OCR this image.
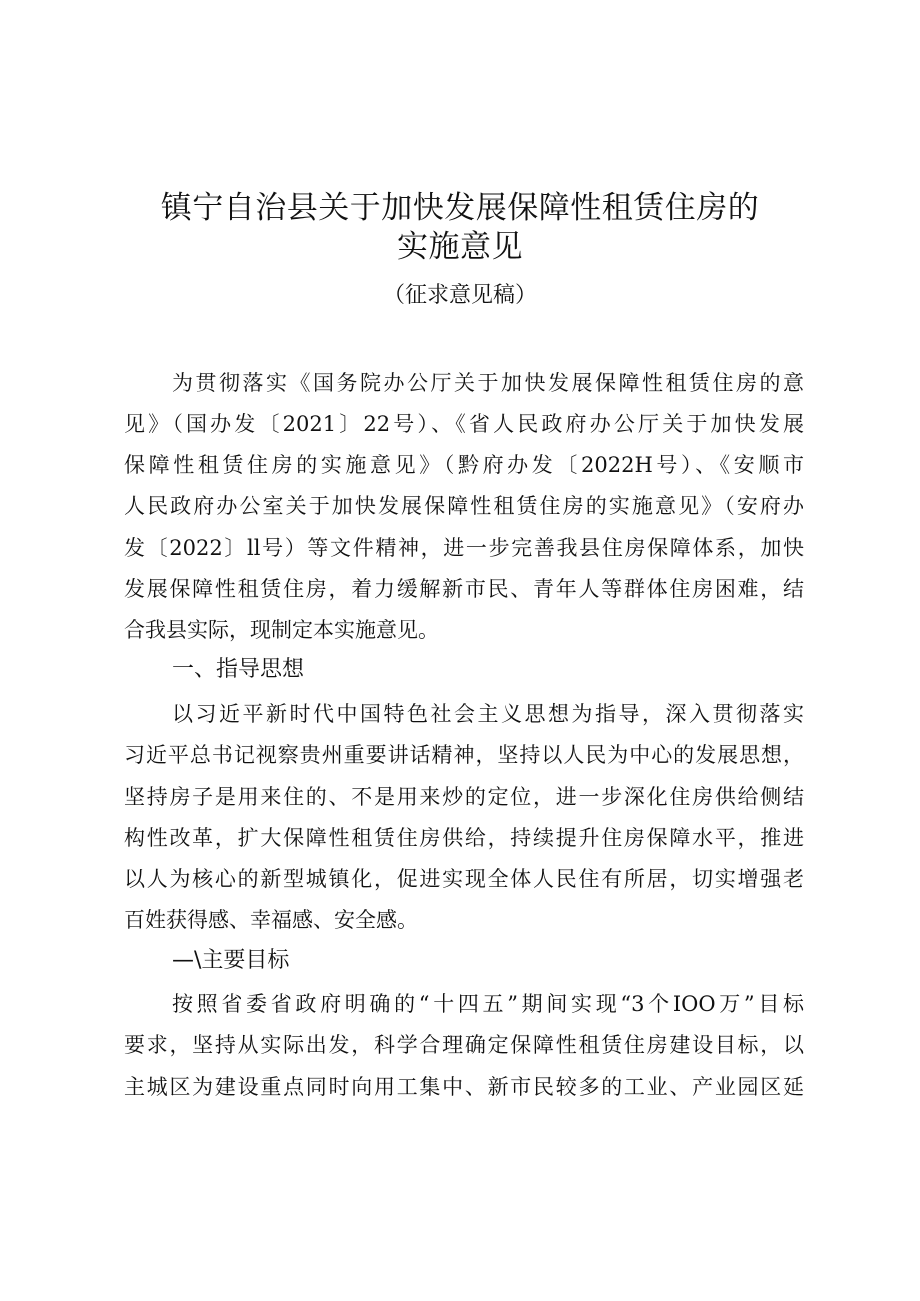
镇宁自治县关于加快发展保障性租赁住房的
实施意见
（征求意见稿）
为贯彻落实《国务院办公厅关于加快发展保障性租赁住房的意
见》（国办发〔2021〕22号）、《省人民政府办公厅关于加快发展
保障性租赁住房的实施意见》（黔府办发〔2022H号）、《安顺市
人民政府办公室关于加快发展保障性租赁住房的实施意见》（安府办
发〔2022〕ll号）等文件精神，进一步完善我县住房保障体系，加快
发展保障性租赁住房，着力缓解新市民、青年人等群体住房困难，结
合我县实际，现制定本实施意见。
一、指导思想
以习近平新时代中国特色社会主义思想为指导，深入贯彻落实
习近平总书记视察贵州重要讲话精神，坚持以人民为中心的发展思想，
坚持房子是用来住的、不是用来炒的定位，进一步深化住房供给侧结
构性改革，扩大保障性租赁住房供给，持续提升住房保障水平，推进
以人为核心的新型城镇化，促进实现全体人民住有所居，切实增强老
百姓获得感、幸福感、安全感。
—\主要目标
按照省委省政府明确的“十四五”期间实现“3个IOO万”目标
要求，坚持从实际出发，科学合理确定保障性租赁住房建设目标，以
主城区为建设重点同时向用工集中、新市民较多的工业、产业园区延
